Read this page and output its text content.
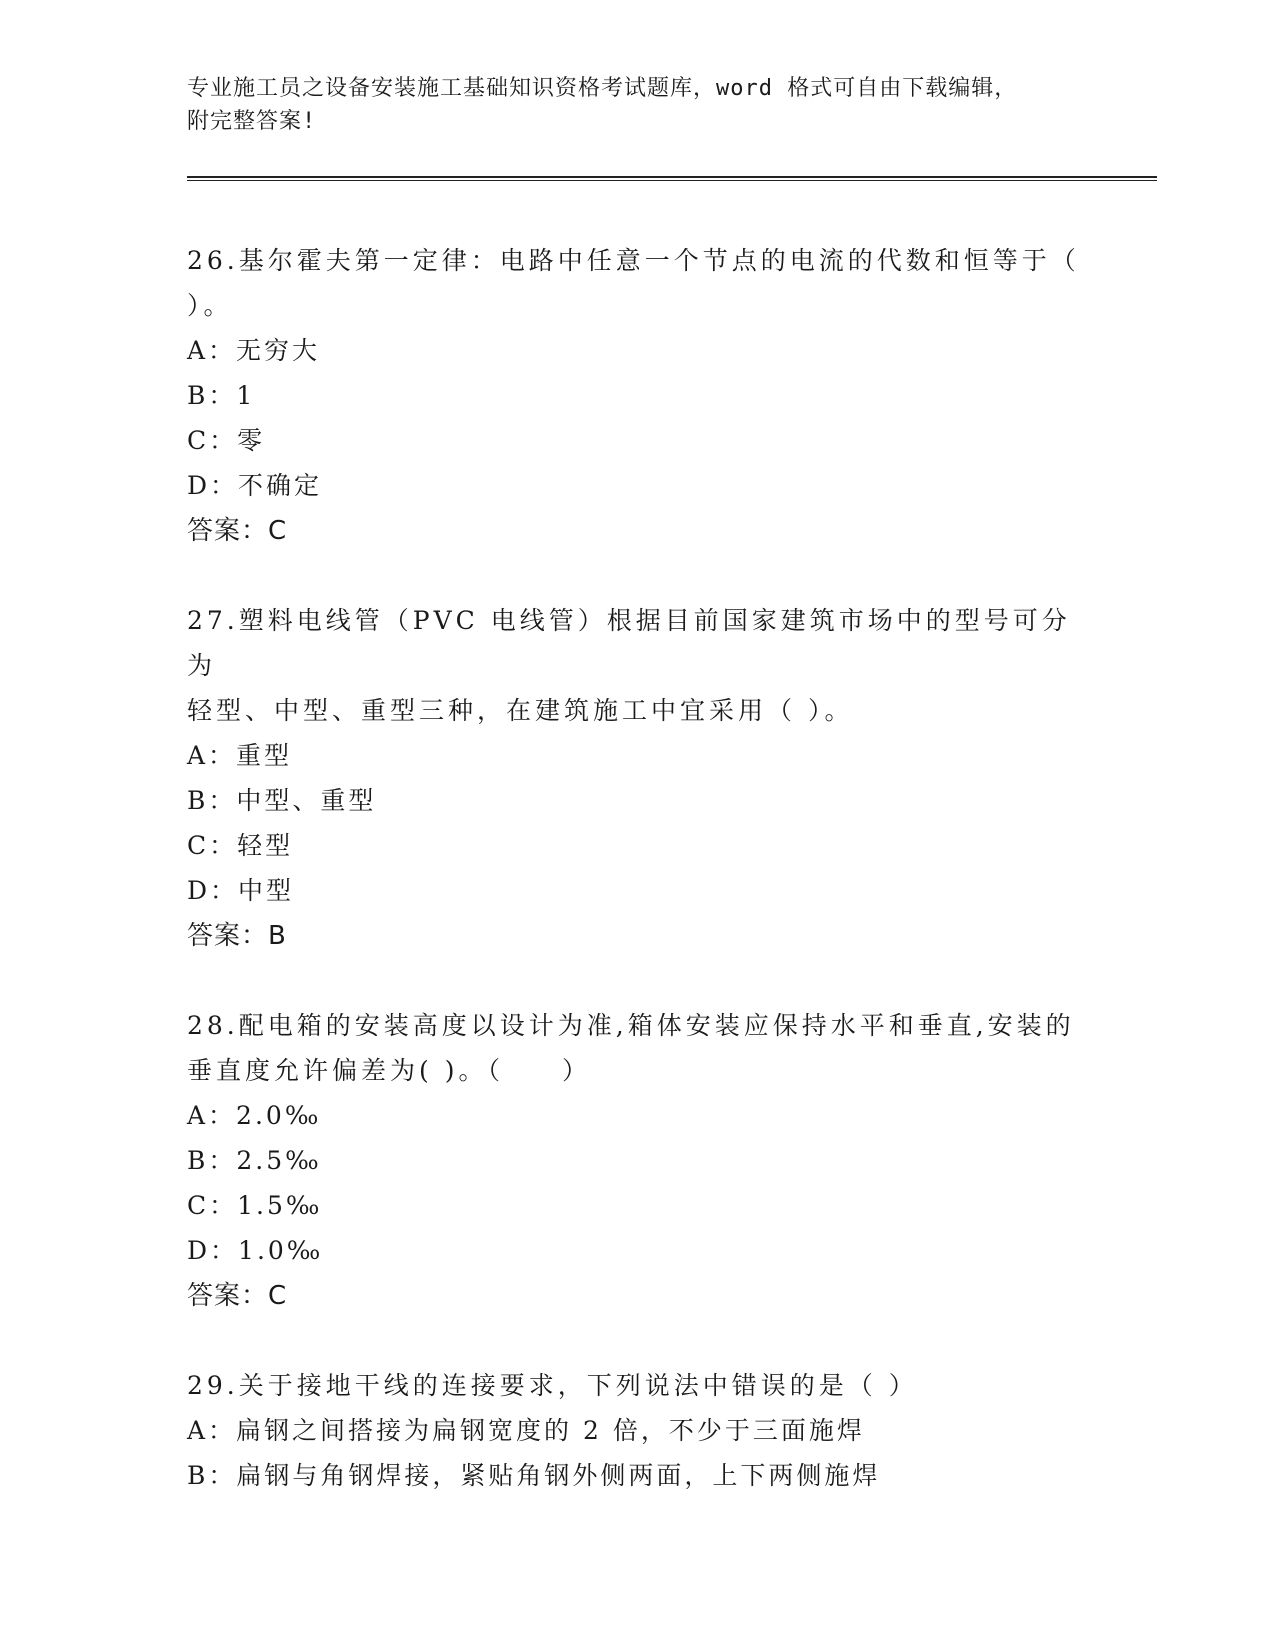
专业施工员之设备安装施工基础知识资格考试题库，word 格式可自由下载编辑，

附完整答案!

26.基尔霍夫第一定律：电路中任意一个节点的电流的代数和恒等于（

）。

A：无穷大

B：1

C：零

D：不确定

答案：C

27.塑料电线管（PVC 电线管）根据目前国家建筑市场中的型号可分为

轻型、中型、重型三种，在建筑施工中宜采用（ ）。

A：重型

B：中型、重型

C：轻型

D：中型

答案：B

28.配电箱的安装高度以设计为准,箱体安装应保持水平和垂直,安装的

垂直度允许偏差为( )。（　　）

A：2.0‰

B：2.5‰

C：1.5‰

D：1.0‰

答案：C

29.关于接地干线的连接要求，下列说法中错误的是（ ）

A：扁钢之间搭接为扁钢宽度的 2 倍，不少于三面施焊

B：扁钢与角钢焊接，紧贴角钢外侧两面，上下两侧施焊
